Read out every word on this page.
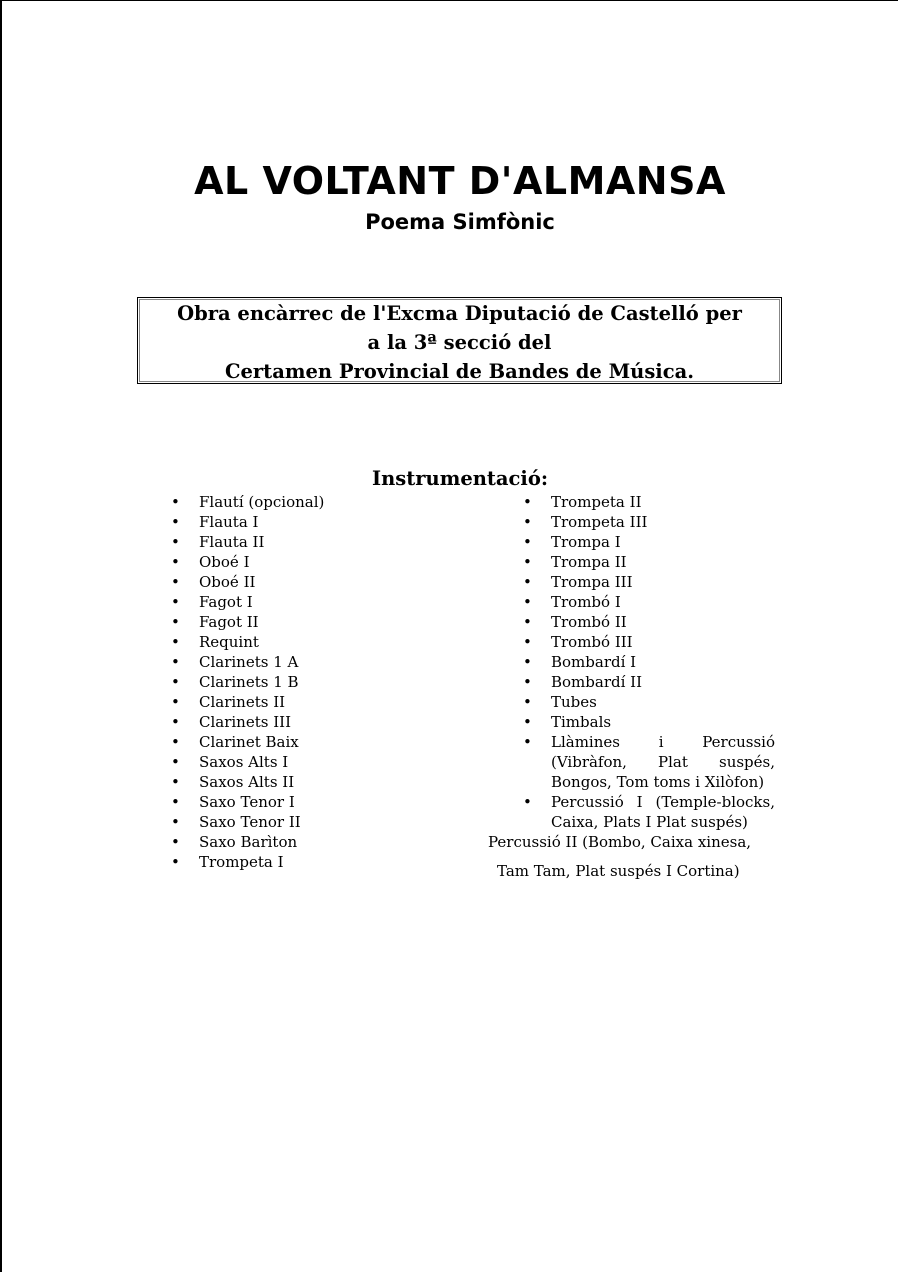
AL VOLTANT D'ALMANSA
Poema Simfònic
Obra encàrrec de l'Excma Diputació de Castelló per
a la 3ª secció del
Certamen Provincial de Bandes de Música.
Instrumentació:
• Flautí (opcional)
• Flauta I
• Flauta II
• Oboé I
• Oboé II
• Fagot I
• Fagot II
• Requint
• Clarinets 1 A
• Clarinets 1 B
• Clarinets II
• Clarinets III
• Clarinet Baix
• Saxos Alts I
• Saxos Alts II
• Saxo Tenor I
• Saxo Tenor II
• Saxo Barìton
• Trompeta I
• Trompeta II
• Trompeta III
• Trompa I
• Trompa II
• Trompa III
• Trombó I
• Trombó II
• Trombó III
• Bombardí I
• Bombardí II
• Tubes
• Timbals
• Llàmines i Percussió (Vibràfon, Plat suspés, Bongos, Tom toms i Xilòfon)
• Percussió I (Temple-blocks, Caixa, Plats I Plat suspés)
Percussió II (Bombo, Caixa xinesa,
Tam Tam, Plat suspés I Cortina)
